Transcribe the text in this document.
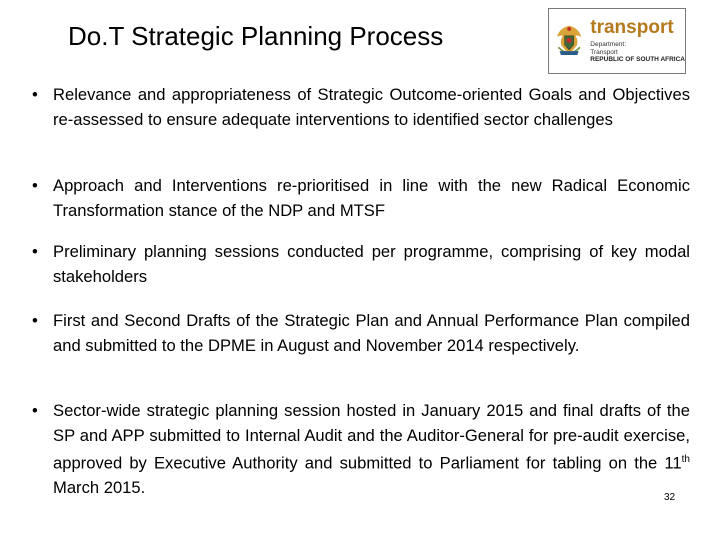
Do.T Strategic Planning Process	transport
Department:
Transport
REPUBLIC OF SOUTH AFRICA
• Relevance and appropriateness of Strategic Outcome-oriented Goals and Objectives re-assessed to ensure adequate interventions to identified sector challenges
• Approach and Interventions re-prioritised in line with the new Radical Economic Transformation stance of the NDP and MTSF
• Preliminary planning sessions conducted per programme, comprising of key modal stakeholders
• First and Second Drafts of the Strategic Plan and Annual Performance Plan compiled and submitted to the DPME in August and November 2014 respectively.
• Sector-wide strategic planning session hosted in January 2015 and final drafts of the SP and APP submitted to Internal Audit and the Auditor-General for pre-audit exercise, approved by Executive Authority and submitted to Parliament for tabling on the 11th March 2015.
32
